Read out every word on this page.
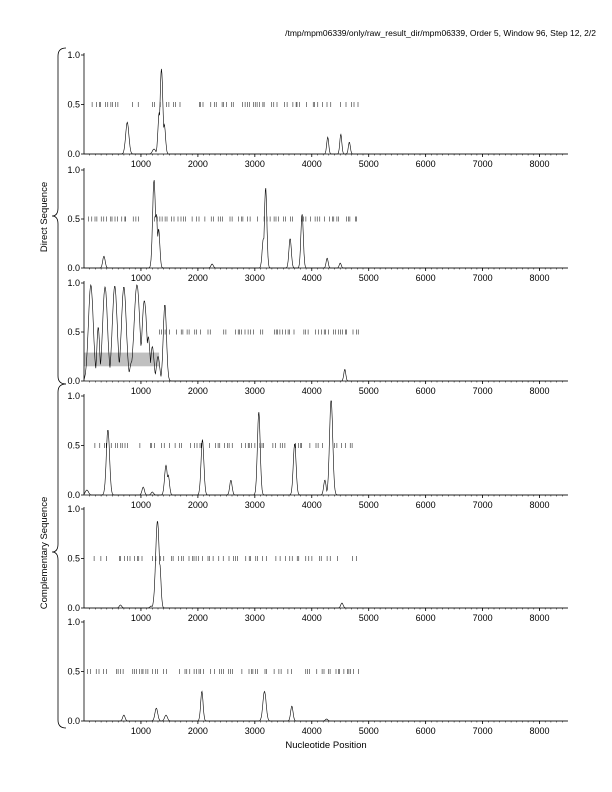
/tmp/mpm06339/only/raw_result_dir/mpm06339, Order 5, Window 96, Step 12, 2/2
Direct Sequence
Complementary Sequence
0.0
0.5
1.0
1000	2000	3000	4000	5000	6000	7000	8000
0.0
0.5
1.0
1000	2000	3000	4000	5000	6000	7000	8000
0.0
0.5
1.0
1000	2000	3000	4000	5000	6000	7000	8000
0.0
0.5
1.0
1000	2000	3000	4000	5000	6000	7000	8000
0.0
0.5
1.0
1000	2000	3000	4000	5000	6000	7000	8000
0.0
0.5
1.0
1000	2000	3000	4000	5000	6000	7000	8000
Nucleotide Position
